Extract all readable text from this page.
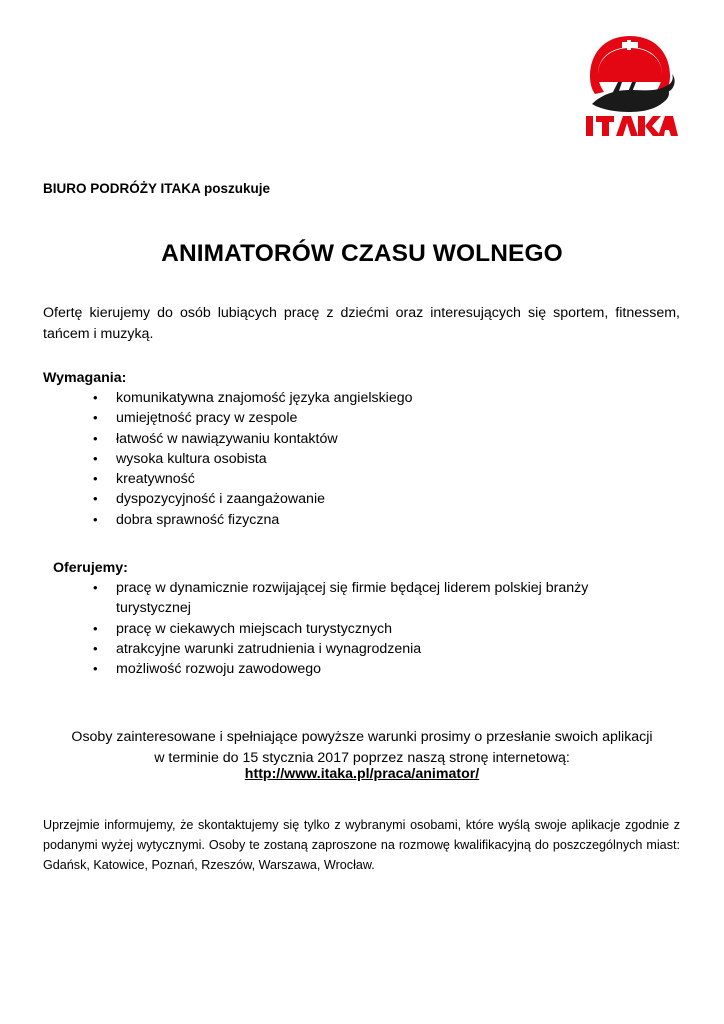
BIURO PODRÓŻY ITAKA poszukuje
ANIMATORÓW CZASU WOLNEGO
Ofertę kierujemy do osób lubiących pracę z dziećmi oraz interesujących się sportem, fitnessem, tańcem i muzyką.
Wymagania:
• komunikatywna znajomość języka angielskiego
• umiejętność pracy w zespole
• łatwość w nawiązywaniu kontaktów
• wysoka kultura osobista
• kreatywność
• dyspozycyjność i zaangażowanie
• dobra sprawność fizyczna
Oferujemy:
• pracę w dynamicznie rozwijającej się firmie będącej liderem polskiej branży turystycznej
• pracę w ciekawych miejscach turystycznych
• atrakcyjne warunki zatrudnienia i wynagrodzenia
• możliwość rozwoju zawodowego
Osoby zainteresowane i spełniające powyższe warunki prosimy o przesłanie swoich aplikacji
w terminie do 15 stycznia 2017 poprzez naszą stronę internetową:
http://www.itaka.pl/praca/animator/
Uprzejmie informujemy, że skontaktujemy się tylko z wybranymi osobami, które wyślą swoje aplikacje zgodnie z podanymi wyżej wytycznymi. Osoby te zostaną zaproszone na rozmowę kwalifikacyjną do poszczególnych miast: Gdańsk, Katowice, Poznań, Rzeszów, Warszawa, Wrocław.
